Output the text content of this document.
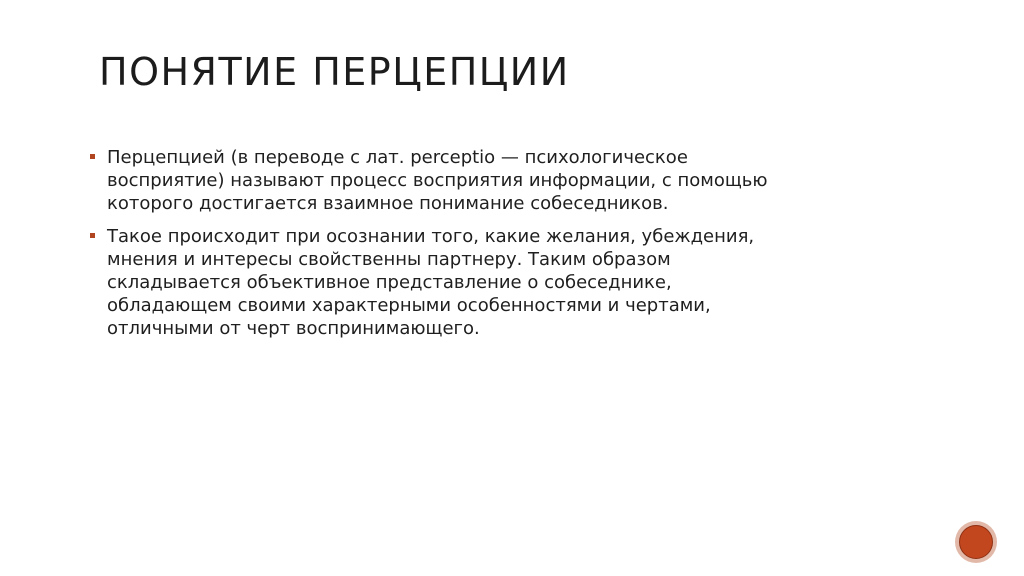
ПОНЯТИЕ ПЕРЦЕПЦИИ
Перцепцией (в переводе с лат. perceptio — психологическое
восприятие) называют процесс восприятия информации, с помощью
которого достигается взаимное понимание собеседников.
Такое происходит при осознании того, какие желания, убеждения,
мнения и интересы свойственны партнеру. Таким образом
складывается объективное представление о собеседнике,
обладающем своими характерными особенностями и чертами,
отличными от черт воспринимающего.
